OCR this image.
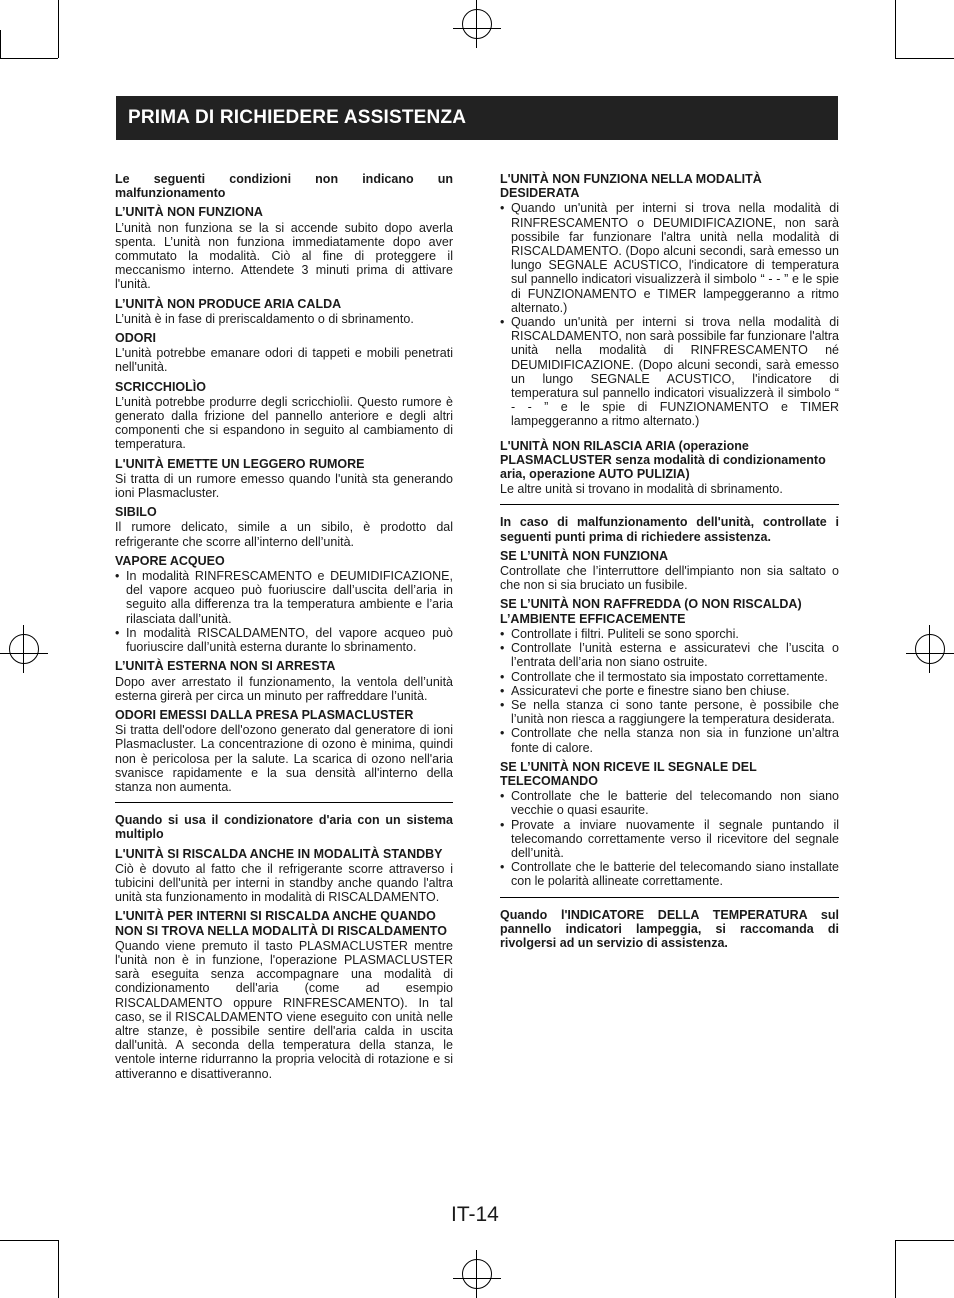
PRIMA DI RICHIEDERE ASSISTENZA
Le seguenti condizioni non indicano un malfunzionamento
L’UNITÀ NON FUNZIONA

L’unità non funziona se la si accende subito dopo averla spenta. L’unità non funziona immediatamente dopo aver commutato la modalità. Ciò al fine di proteggere il meccanismo interno. Attendete 3 minuti prima di attivare l'unità.

L’UNITÀ NON PRODUCE ARIA CALDA

L’unità è in fase di preriscaldamento o di sbrinamento.

ODORI

L'unità potrebbe emanare odori di tappeti e mobili penetrati nell'unità.

SCRICCHIOLÌO

L’unità potrebbe produrre degli scricchiolìi. Questo rumore è generato dalla frizione del pannello anteriore e degli altri componenti che si espandono in seguito al cambiamento di temperatura.

L'UNITÀ EMETTE UN LEGGERO RUMORE

Si tratta di un rumore emesso quando l'unità sta generando ioni Plasmacluster.

SIBILO

Il rumore delicato, simile a un sibilo, è prodotto dal refrigerante che scorre all’interno dell’unità.

VAPORE ACQUEO
• In modalità RINFRESCAMENTO e DEUMIDIFICAZIONE, del vapore acqueo può fuoriuscire dall’uscita dell’aria in seguito alla differenza tra la temperatura ambiente e l’aria rilasciata dall’unità.
• In modalità RISCALDAMENTO, del vapore acqueo può fuoriuscire dall’unità esterna durante lo sbrinamento.
L’UNITÀ ESTERNA NON SI ARRESTA

Dopo aver arrestato il funzionamento, la ventola dell’unità esterna girerà per circa un minuto per raffreddare l’unità.

ODORI EMESSI DALLA PRESA PLASMACLUSTER

Si tratta dell'odore dell'ozono generato dal generatore di ioni Plasmacluster. La concentrazione di ozono è minima, quindi non è pericolosa per la salute. La scarica di ozono nell'aria svanisce rapidamente e la sua densità all'interno della stanza non aumenta.

Quando si usa il condizionatore d'aria con un sistema multiplo
L'UNITÀ SI RISCALDA ANCHE IN MODALITÀ STANDBY

Ciò è dovuto al fatto che il refrigerante scorre attraverso i tubicini dell'unità per interni in standby anche quando l'altra unità sta funzionamento in modalità di RISCALDAMENTO.

L'UNITÀ PER INTERNI SI RISCALDA ANCHE QUANDO NON SI TROVA NELLA MODALITÀ DI RISCALDAMENTO

Quando viene premuto il tasto PLASMACLUSTER mentre l'unità non è in funzione, l'operazione PLASMACLUSTER sarà eseguita senza accompagnare una modalità di condizionamento dell'aria (come ad esempio RISCALDAMENTO oppure RINFRESCAMENTO). In tal caso, se il RISCALDAMENTO viene eseguito con unità nelle altre stanze, è possibile sentire dell'aria calda in uscita dall'unità. A seconda della temperatura della stanza, le ventole interne ridurranno la propria velocità di rotazione e si attiveranno e disattiveranno.

L'UNITÀ NON FUNZIONA NELLA MODALITÀ DESIDERATA
• Quando un'unità per interni si trova nella modalità di RINFRESCAMENTO o DEUMIDIFICAZIONE, non sarà possibile far funzionare l'altra unità nella modalità di RISCALDAMENTO. (Dopo alcuni secondi, sarà emesso un lungo SEGNALE ACUSTICO, l'indicatore di temperatura sul pannello indicatori visualizzerà il simbolo “ - - ” e le spie di FUNZIONAMENTO e TIMER lampeggeranno a ritmo alternato.)
• Quando un'unità per interni si trova nella modalità di RISCALDAMENTO, non sarà possibile far funzionare l'altra unità nella modalità di RINFRESCAMENTO né DEUMIDIFICAZIONE. (Dopo alcuni secondi, sarà emesso un lungo SEGNALE ACUSTICO, l'indicatore di temperatura sul pannello indicatori visualizzerà il simbolo “ - - ” e le spie di FUNZIONAMENTO e TIMER lampeggeranno a ritmo alternato.)
L'UNITÀ NON RILASCIA ARIA (operazione PLASMACLUSTER senza modalità di condizionamento aria, operazione AUTO PULIZIA)

Le altre unità si trovano in modalità di sbrinamento.

In caso di malfunzionamento dell'unità, controllate i seguenti punti prima di richiedere assistenza.
SE L’UNITÀ NON FUNZIONA

Controllate che l’interruttore dell'impianto non sia saltato o che non si sia bruciato un fusibile.

SE L’UNITÀ NON RAFFREDDA (O NON RISCALDA) L’AMBIENTE EFFICACEMENTE
• Controllate i filtri. Puliteli se sono sporchi.
• Controllate l’unità esterna e assicuratevi che l’uscita o l’entrata dell’aria non siano ostruite.
• Controllate che il termostato sia impostato correttamente.
• Assicuratevi che porte e finestre siano ben chiuse.
• Se nella stanza ci sono tante persone, è possibile che l’unità non riesca a raggiungere la temperatura desiderata.
• Controllate che nella stanza non sia in funzione un’altra fonte di calore.
SE L’UNITÀ NON RICEVE IL SEGNALE DEL TELECOMANDO
• Controllate che le batterie del telecomando non siano vecchie o quasi esaurite.
• Provate a inviare nuovamente il segnale puntando il telecomando correttamente verso il ricevitore del segnale dell’unità.
• Controllate che le batterie del telecomando siano installate con le polarità allineate correttamente.
Quando l'INDICATORE DELLA TEMPERATURA sul pannello indicatori lampeggia, si raccomanda di rivolgersi ad un servizio di assistenza.
IT-14
